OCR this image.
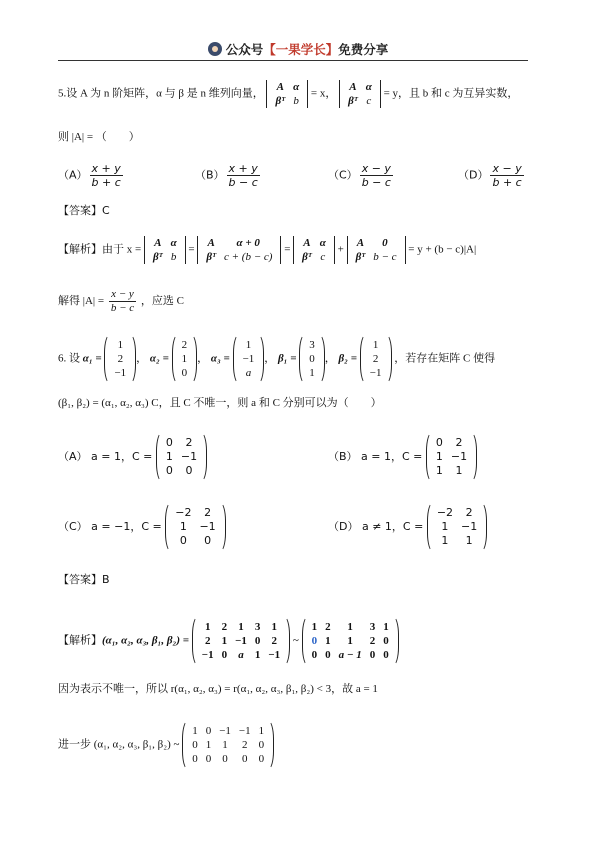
公众号【一果学长】免费分享
5.设 A 为 n 阶矩阵，α 与 β 是 n 维列向量， A	α
βᵀ	b = x， A	α
βᵀ	c = y，且 b 和 c 为互异实数，
则 |A| = （　　）
$(A) \frac{x + y}{b + c}$	$(B) \frac{x + y}{b - c}$	$(C) \frac{x - y}{b - c}$	$(D) \frac{x - y}{b + c}$
【答案】C
【解析】由于 x = A	α
βᵀ	b = A	α + 0
βᵀ	c + (b − c) = A	α
βᵀ	c + A	0
βᵀ	b − c = y + (b − c)|A|
解得 $|A| = \frac{x - y}{b - c}$ ，应选 C
6. 设 α₁ = 1
2
−1， α₂ = 2
1
0， α₃ = 1
−1
a， β₁ = 3
0
1， β₂ = 1
2
−1 ，若存在矩阵 C 使得
(β₁, β₂) = (α₁, α₂, α₃) C，且 C 不唯一，则 a 和 C 分别可以为（　　）
（A） a = 1，C = 0	2
1	−1
0	0
（B） a = 1，C = 0	2
1	−1
1	1
（C） a = −1，C = −2	2
1	−1
0	0
（D） a ≠ 1，C = −2	2
1	−1
1	1
【答案】B
【解析】(α₁, α₂, α₃, β₁, β₂) = 1	2	1	3	1
2	1	−1	0	2
−1	0	a	1	−1 ~ 1	2	1	3	1
0	1	1	2	0
0	0	a − 1	0	0
因为表示不唯一，所以 r(α₁, α₂, α₃) = r(α₁, α₂, α₃, β₁, β₂) < 3，故 a = 1
进一步 (α₁, α₂, α₃, β₁, β₂) ~ 1	0	−1	−1	1
0	1	1	2	0
0	0	0	0	0
